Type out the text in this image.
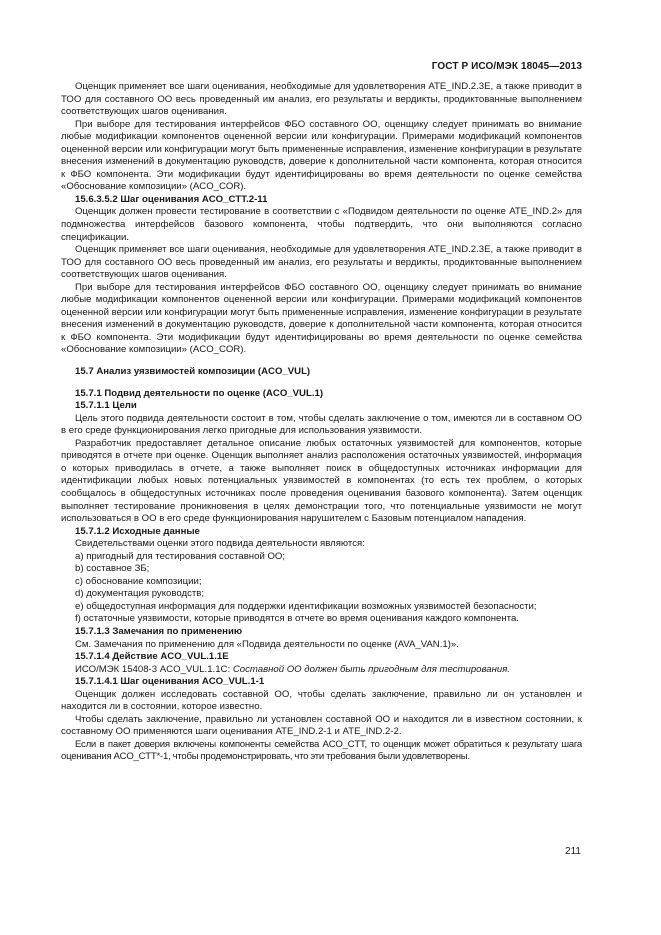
ГОСТ Р ИСО/МЭК 18045—2013

Оценщик применяет все шаги оценивания, необходимые для удовлетворения ATE_IND.2.3E, а также приводит в ТОО для составного ОО весь проведенный им анализ, его результаты и вердикты, продиктованные выполнением соответствующих шагов оценивания.

При выборе для тестирования интерфейсов ФБО составного ОО, оценщику следует принимать во внимание любые модификации компонентов оцененной версии или конфигурации. Примерами модификаций компонентов оцененной версии или конфигурации могут быть примененные исправления, изменение конфигурации в результате внесения изменений в документацию руководств, доверие к дополнительной части компонента, которая относится к ФБО компонента. Эти модификации будут идентифицированы во время деятельности по оценке семейства «Обоснование композиции» (ACO_COR).

15.6.3.5.2 Шаг оценивания ACO_CTT.2-11

Оценщик должен провести тестирование в соответствии с «Подвидом деятельности по оценке ATE_IND.2» для подмножества интерфейсов базового компонента, чтобы подтвердить, что они выполняются согласно спецификации.

Оценщик применяет все шаги оценивания, необходимые для удовлетворения ATE_IND.2.3E, а также приводит в ТОО для составного ОО весь проведенный им анализ, его результаты и вердикты, продиктованные выполнением соответствующих шагов оценивания.

При выборе для тестирования интерфейсов ФБО составного ОО, оценщику следует принимать во внимание любые модификации компонентов оцененной версии или конфигурации. Примерами модификаций компонентов оцененной версии или конфигурации могут быть примененные исправления, изменение конфигурации в результате внесения изменений в документацию руководств, доверие к дополнительной части компонента, которая относится к ФБО компонента. Эти модификации будут идентифицированы во время деятельности по оценке семейства «Обоснование композиции» (ACO_COR).

15.7 Анализ уязвимостей композиции (ACO_VUL)

15.7.1 Подвид деятельности по оценке (ACO_VUL.1)

15.7.1.1 Цели

Цель этого подвида деятельности состоит в том, чтобы сделать заключение о том, имеются ли в составном ОО в его среде функционирования легко пригодные для использования уязвимости.

Разработчик предоставляет детальное описание любых остаточных уязвимостей для компонентов, которые приводятся в отчете при оценке. Оценщик выполняет анализ расположения остаточных уязвимостей, информация о которых приводилась в отчете, а также выполняет поиск в общедоступных источниках информации для идентификации любых новых потенциальных уязвимостей в компонентах (то есть тех проблем, о которых сообщалось в общедоступных источниках после проведения оценивания базового компонента). Затем оценщик выполняет тестирование проникновения в целях демонстрации того, что потенциальные уязвимости не могут использоваться в ОО в его среде функционирования нарушителем с Базовым потенциалом нападения.

15.7.1.2 Исходные данные

Свидетельствами оценки этого подвида деятельности являются:

а) пригодный для тестирования составной ОО;

b) составное ЗБ;

с) обоснование композиции;

d) документация руководств;

е) общедоступная информация для поддержки идентификации возможных уязвимостей безопасности;

f) остаточные уязвимости, которые приводятся в отчете во время оценивания каждого компонента.

15.7.1.3 Замечания по применению

См. Замечания по применению для «Подвида деятельности по оценке (AVA_VAN.1)».

15.7.1.4 Действие ACO_VUL.1.1E

ИСО/МЭК 15408-3 ACO_VUL.1.1C: Составной ОО должен быть пригодным для тестирования.

15.7.1.4.1 Шаг оценивания ACO_VUL.1-1

Оценщик должен исследовать составной ОО, чтобы сделать заключение, правильно ли он установлен и находится ли в состоянии, которое известно.

Чтобы сделать заключение, правильно ли установлен составной ОО и находится ли в известном состоянии, к составному ОО применяются шаги оценивания ATE_IND.2-1 и ATE_IND.2-2.

Если в пакет доверия включены компоненты семейства ACO_CTT, то оценщик может обратиться к результату шага оценивания ACO_CTT*-1, чтобы продемонстрировать, что эти требования были удовлетворены.

211
